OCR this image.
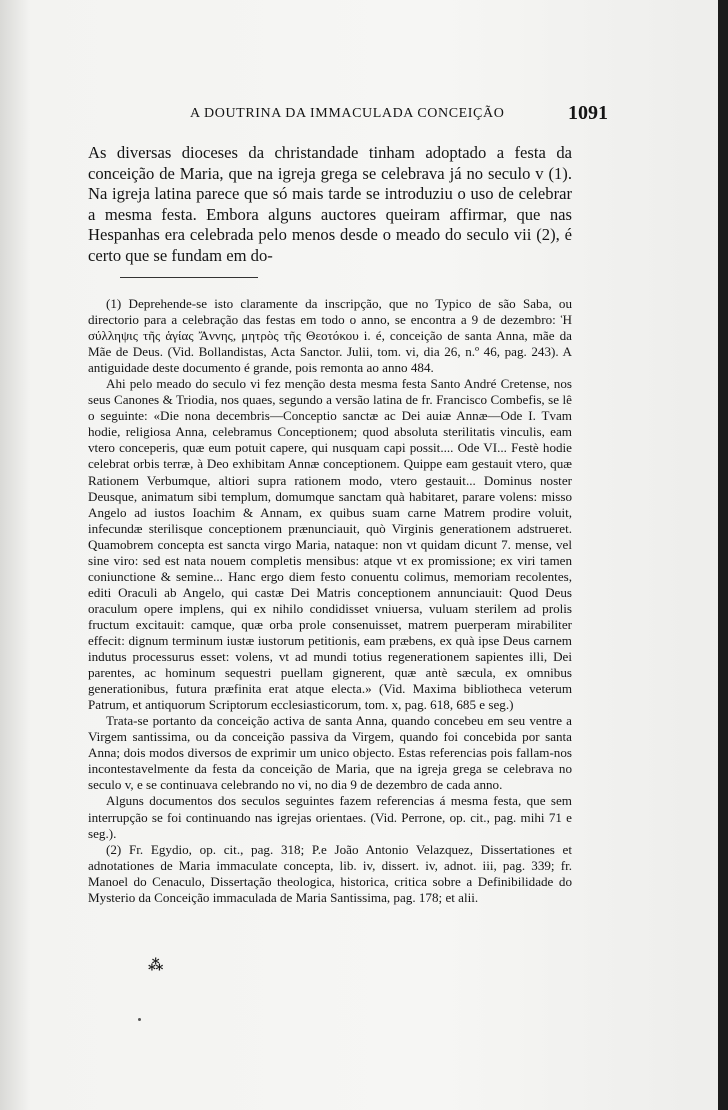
A DOUTRINA DA IMMACULADA CONCEIÇÃO	1091

As diversas dioceses da christandade tinham adoptado a festa da conceição de Maria, que na igreja grega se celebrava já no seculo v (1). Na igreja latina parece que só mais tarde se introduziu o uso de celebrar a mesma festa. Embora alguns auctores queiram affirmar, que nas Hespanhas era celebrada pelo menos desde o meado do seculo vii (2), é certo que se fundam em do-

(1) Deprehende-se isto claramente da inscripção, que no Typico de são Saba, ou directorio para a celebração das festas em todo o anno, se encontra a 9 de dezembro: Ἡ σύλληψις τῆς ἁγίας Ἄννης, μητρὸς τῆς Θεοτόκου i. é, conceição de santa Anna, mãe da Mãe de Deus. (Vid. Bollandistas, Acta Sanctor. Julii, tom. vi, dia 26, n.º 46, pag. 243). A antiguidade deste documento é grande, pois remonta ao anno 484.

Ahi pelo meado do seculo vi fez menção desta mesma festa Santo André Cretense, nos seus Canones & Triodia, nos quaes, segundo a versão latina de fr. Francisco Combefis, se lê o seguinte: «Die nona decembris—Conceptio sanctæ ac Dei auiæ Annæ—Ode I. Tvam hodie, religiosa Anna, celebramus Conceptionem; quod absoluta sterilitatis vinculis, eam vtero conceperis, quæ eum potuit capere, qui nusquam capi possit.... Ode VI... Festè hodie celebrat orbis terræ, à Deo exhibitam Annæ conceptionem. Quippe eam gestauit vtero, quæ Rationem Verbumque, altiori supra rationem modo, vtero gestauit... Dominus noster Deusque, animatum sibi templum, domumque sanctam quà habitaret, parare volens: misso Angelo ad iustos Ioachim & Annam, ex quibus suam carne Matrem prodire voluit, infecundæ sterilisque conceptionem prænunciauit, quò Virginis generationem adstrueret. Quamobrem concepta est sancta virgo Maria, nataque: non vt quidam dicunt 7. mense, vel sine viro: sed est nata nouem completis mensibus: atque vt ex promissione; ex viri tamen coniunctione & semine... Hanc ergo diem festo conuentu colimus, memoriam recolentes, editi Oraculi ab Angelo, qui castæ Dei Matris conceptionem annunciauit: Quod Deus oraculum opere implens, qui ex nihilo condidisset vniuersa, vuluam sterilem ad prolis fructum excitauit: camque, quæ orba prole consenuisset, matrem puerperam mirabiliter effecit: dignum terminum iustæ iustorum petitionis, eam præbens, ex quà ipse Deus carnem indutus processurus esset: volens, vt ad mundi totius regenerationem sapientes illi, Dei parentes, ac hominum sequestri puellam gignerent, quæ antè sæcula, ex omnibus generationibus, futura præfinita erat atque electa.» (Vid. Maxima bibliotheca veterum Patrum, et antiquorum Scriptorum ecclesiasticorum, tom. x, pag. 618, 685 e seg.)

Trata-se portanto da conceição activa de santa Anna, quando concebeu em seu ventre a Virgem santissima, ou da conceição passiva da Virgem, quando foi concebida por santa Anna; dois modos diversos de exprimir um unico objecto. Estas referencias pois fallam-nos incontestavelmente da festa da conceição de Maria, que na igreja grega se celebrava no seculo v, e se continuava celebrando no vi, no dia 9 de dezembro de cada anno.

Alguns documentos dos seculos seguintes fazem referencias á mesma festa, que sem interrupção se foi continuando nas igrejas orientaes. (Vid. Perrone, op. cit., pag. mihi 71 e seg.).

(2) Fr. Egydio, op. cit., pag. 318; P.e João Antonio Velazquez, Dissertationes et adnotationes de Maria immaculate concepta, lib. iv, dissert. iv, adnot. iii, pag. 339; fr. Manoel do Cenaculo, Dissertação theologica, historica, critica sobre a Definibilidade do Mysterio da Conceição immaculada de Maria Santissima, pag. 178; et alii.

⁂
